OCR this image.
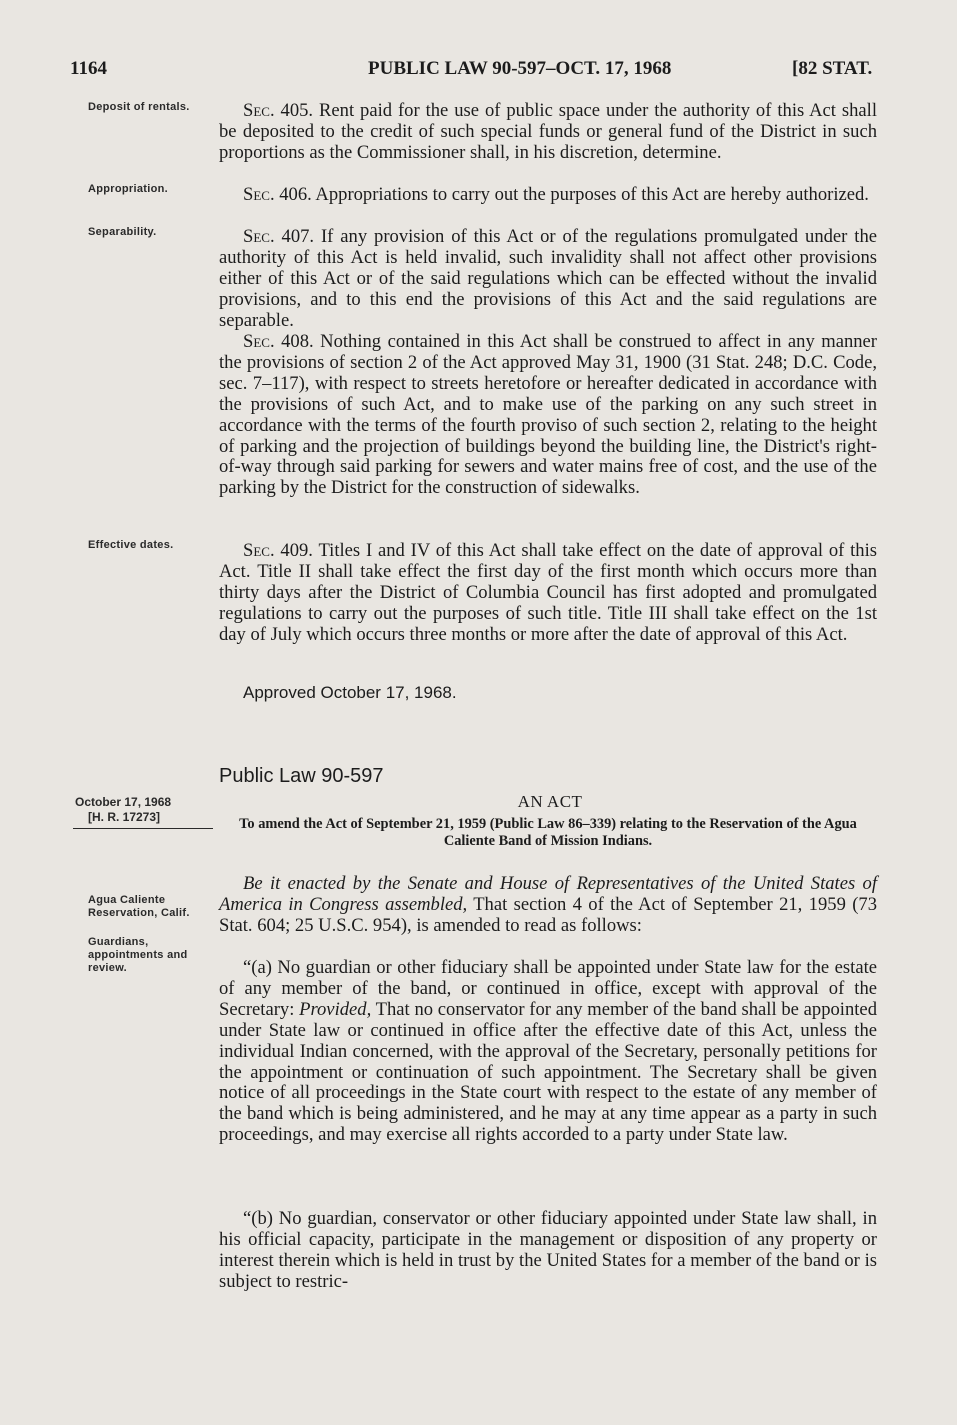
1164	PUBLIC LAW 90-597–OCT. 17, 1968	[82 STAT.
Deposit of rentals.
Appropriation.
Separability.
Effective dates.

Sec. 405. Rent paid for the use of public space under the authority of this Act shall be deposited to the credit of such special funds or general fund of the District in such proportions as the Commissioner shall, in his discretion, determine.

Sec. 406. Appropriations to carry out the purposes of this Act are hereby authorized.

Sec. 407. If any provision of this Act or of the regulations promulgated under the authority of this Act is held invalid, such invalidity shall not affect other provisions either of this Act or of the said regulations which can be effected without the invalid provisions, and to this end the provisions of this Act and the said regulations are separable.

Sec. 408. Nothing contained in this Act shall be construed to affect in any manner the provisions of section 2 of the Act approved May 31, 1900 (31 Stat. 248; D.C. Code, sec. 7–117), with respect to streets heretofore or hereafter dedicated in accordance with the provisions of such Act, and to make use of the parking on any such street in accordance with the terms of the fourth proviso of such section 2, relating to the height of parking and the projection of buildings beyond the building line, the District's right-of-way through said parking for sewers and water mains free of cost, and the use of the parking by the District for the construction of sidewalks.

Sec. 409. Titles I and IV of this Act shall take effect on the date of approval of this Act. Title II shall take effect the first day of the first month which occurs more than thirty days after the District of Columbia Council has first adopted and promulgated regulations to carry out the purposes of such title. Title III shall take effect on the 1st day of July which occurs three months or more after the date of approval of this Act.

Approved October 17, 1968.
Public Law 90-597
October 17, 1968
[H. R. 17273]
AN ACT
To amend the Act of September 21, 1959 (Public Law 86–339) relating to the Reservation of the Agua Caliente Band of Mission Indians.
Agua Caliente Reservation, Calif.
Guardians, appointments and review.

Be it enacted by the Senate and House of Representatives of the United States of America in Congress assembled, That section 4 of the Act of September 21, 1959 (73 Stat. 604; 25 U.S.C. 954), is amended to read as follows:

“(a) No guardian or other fiduciary shall be appointed under State law for the estate of any member of the band, or continued in office, except with approval of the Secretary: Provided, That no conservator for any member of the band shall be appointed under State law or continued in office after the effective date of this Act, unless the individual Indian concerned, with the approval of the Secretary, personally petitions for the appointment or continuation of such appointment. The Secretary shall be given notice of all proceedings in the State court with respect to the estate of any member of the band which is being administered, and he may at any time appear as a party in such proceedings, and may exercise all rights accorded to a party under State law.

“(b) No guardian, conservator or other fiduciary appointed under State law shall, in his official capacity, participate in the management or disposition of any property or interest therein which is held in trust by the United States for a member of the band or is subject to restric-
